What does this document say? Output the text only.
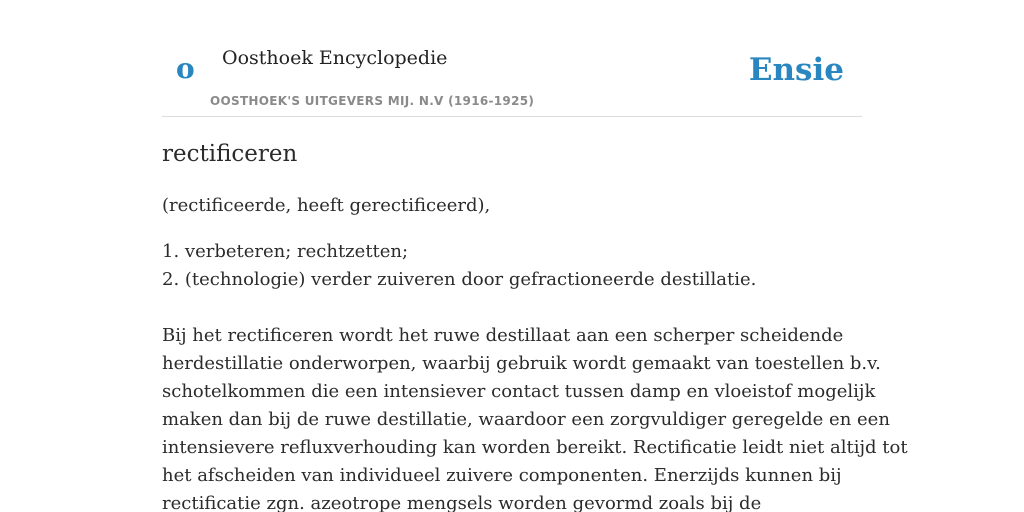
o Oosthoek Encyclopedie
OOSTHOEK'S UITGEVERS MIJ. N.V (1916-1925)
Ensie
rectificeren
(rectificeerde, heeft gerectificeerd),
1. verbeteren; rechtzetten;
2. (technologie) verder zuiveren door gefractioneerde destillatie.
Bij het rectificeren wordt het ruwe destillaat aan een scherper scheidende
herdestillatie onderworpen, waarbij gebruik wordt gemaakt van toestellen b.v.
schotelkommen die een intensiever contact tussen damp en vloeistof mogelijk
maken dan bij de ruwe destillatie, waardoor een zorgvuldiger geregelde en een
intensievere refluxverhouding kan worden bereikt. Rectificatie leidt niet altijd tot
het afscheiden van individueel zuivere componenten. Enerzijds kunnen bij
rectificatie zgn. azeotrope mengsels worden gevormd zoals bij de
